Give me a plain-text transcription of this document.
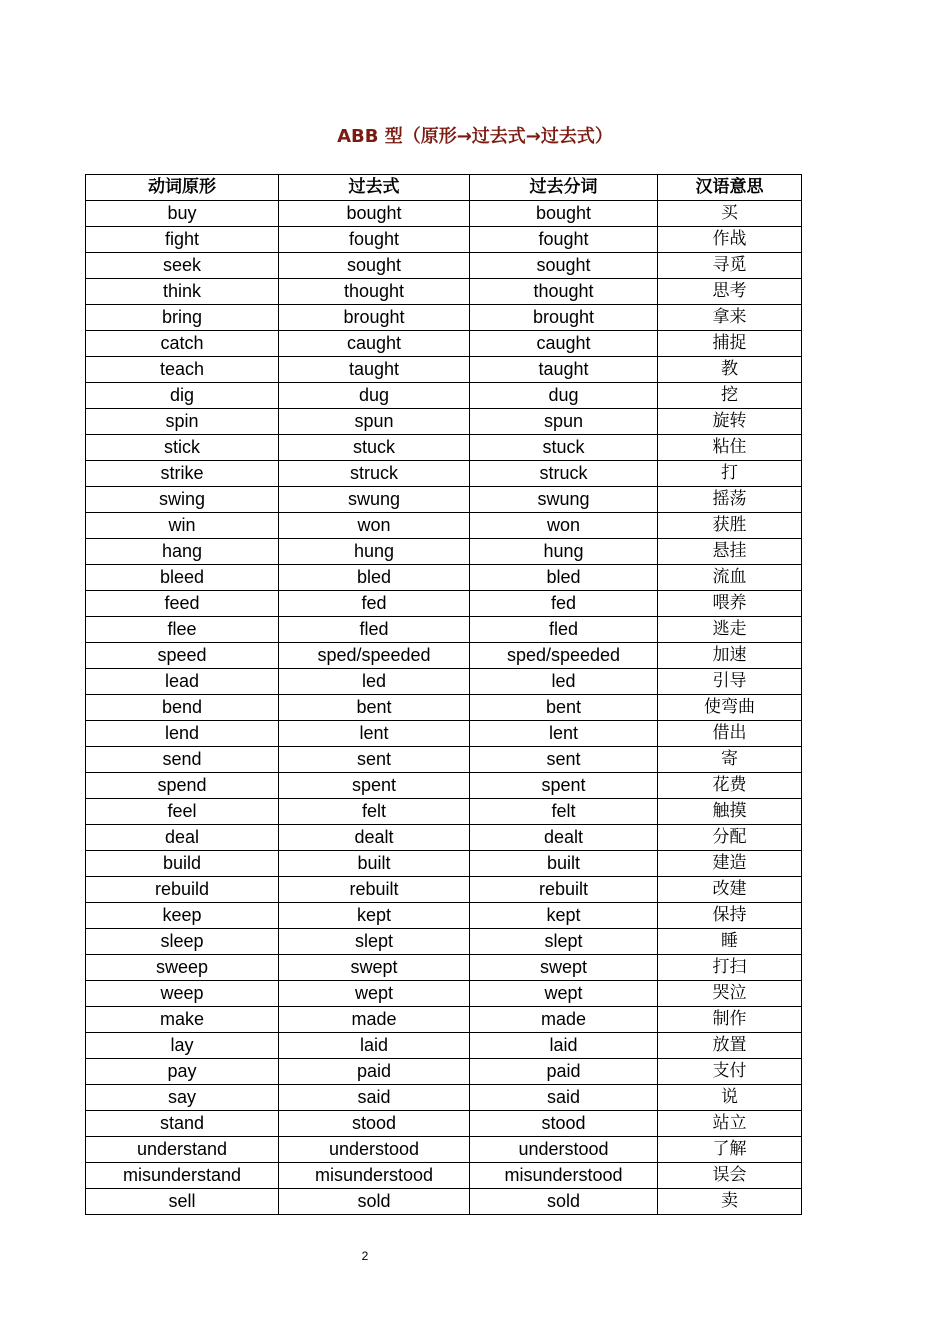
ABB 型（原形→过去式→过去式）
动词原形	过去式	过去分词	汉语意思
buy	bought	bought	买
fight	fought	fought	作战
seek	sought	sought	寻觅
think	thought	thought	思考
bring	brought	brought	拿来
catch	caught	caught	捕捉
teach	taught	taught	教
dig	dug	dug	挖
spin	spun	spun	旋转
stick	stuck	stuck	粘住
strike	struck	struck	打
swing	swung	swung	摇荡
win	won	won	获胜
hang	hung	hung	悬挂
bleed	bled	bled	流血
feed	fed	fed	喂养
flee	fled	fled	逃走
speed	sped/speeded	sped/speeded	加速
lead	led	led	引导
bend	bent	bent	使弯曲
lend	lent	lent	借出
send	sent	sent	寄
spend	spent	spent	花费
feel	felt	felt	触摸
deal	dealt	dealt	分配
build	built	built	建造
rebuild	rebuilt	rebuilt	改建
keep	kept	kept	保持
sleep	slept	slept	睡
sweep	swept	swept	打扫
weep	wept	wept	哭泣
make	made	made	制作
lay	laid	laid	放置
pay	paid	paid	支付
say	said	said	说
stand	stood	stood	站立
understand	understood	understood	了解
misunderstand	misunderstood	misunderstood	误会
sell	sold	sold	卖
2
